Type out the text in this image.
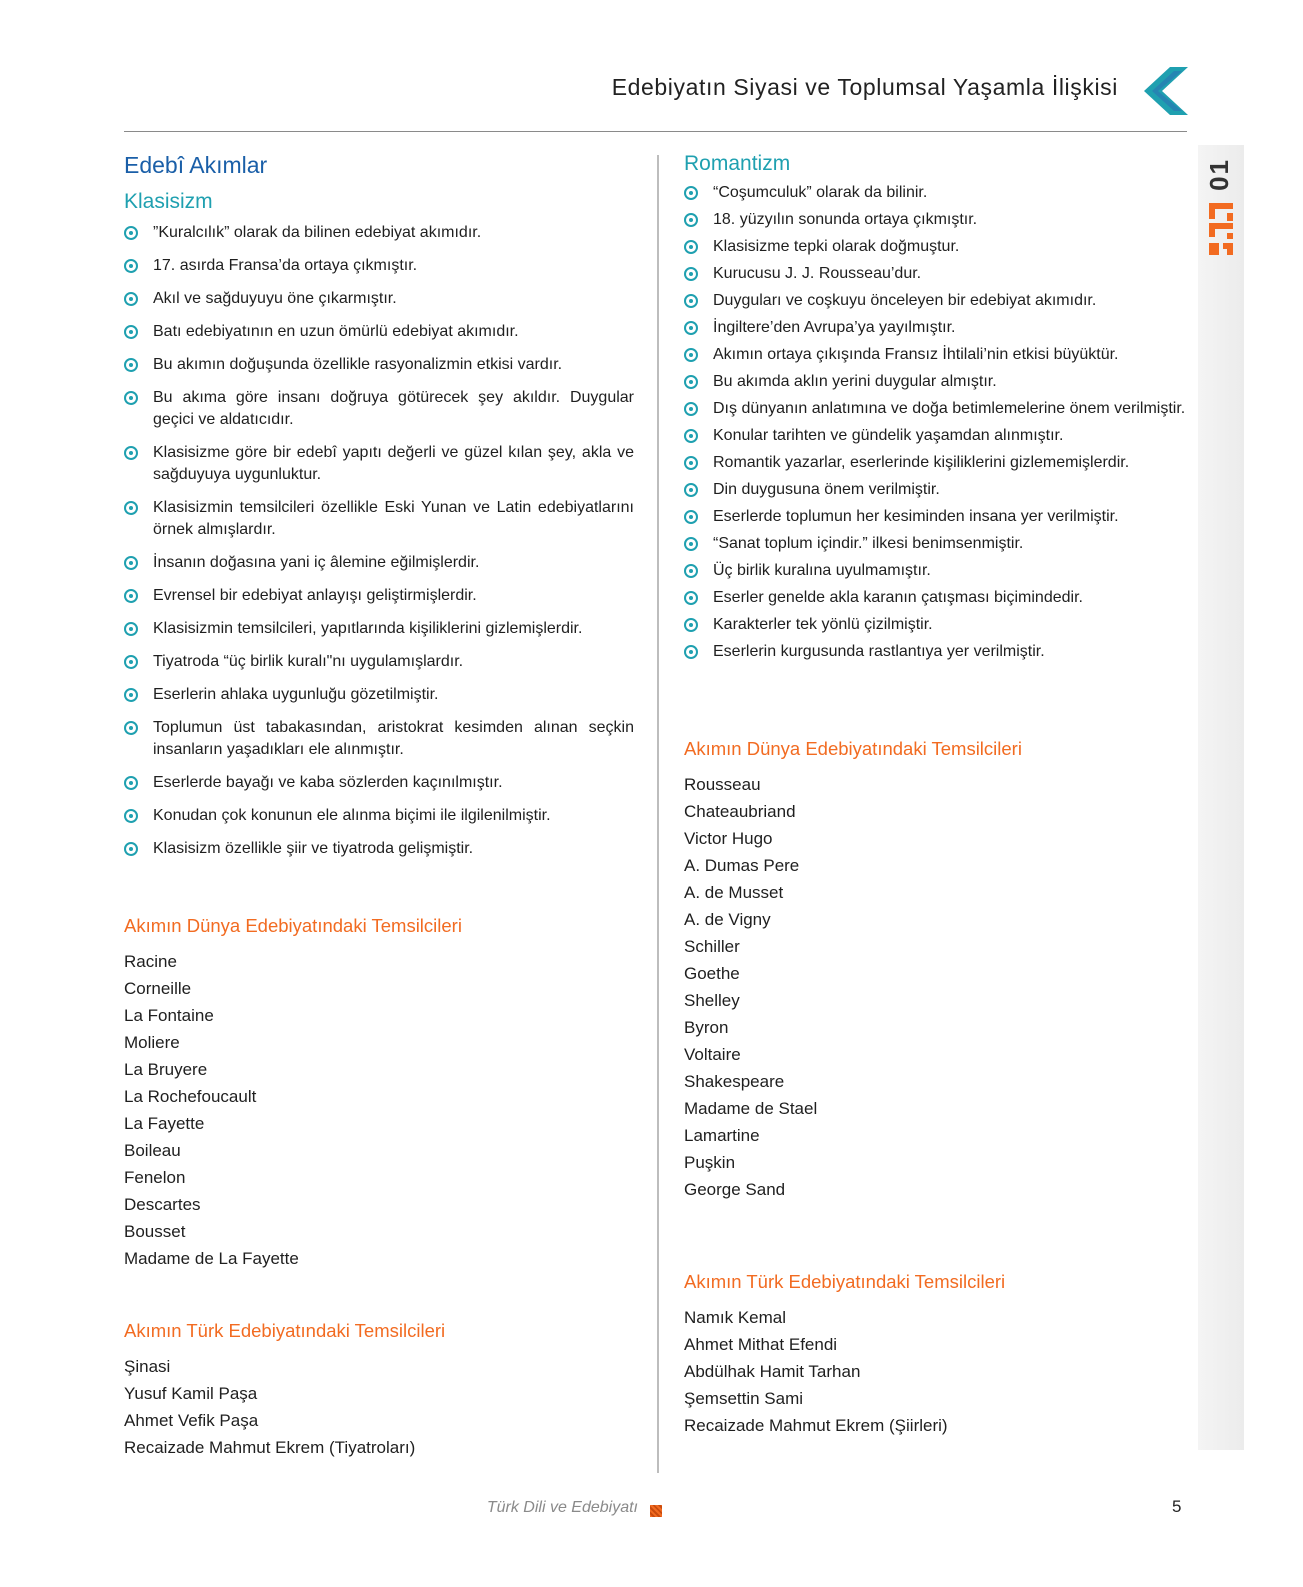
Edebiyatın Siyasi ve Toplumsal Yaşamla İlişkisi
01
Edebî Akımlar
Klasisizm
”Kuralcılık” olarak da bilinen edebiyat akımıdır.
17. asırda Fransa’da ortaya çıkmıştır.
Akıl ve sağduyuyu öne çıkarmıştır.
Batı edebiyatının en uzun ömürlü edebiyat akımıdır.
Bu akımın doğuşunda özellikle rasyonalizmin etkisi vardır.
Bu akıma göre insanı doğruya götürecek şey akıldır. Duygular geçici ve aldatıcıdır.
Klasisizme göre bir edebî yapıtı değerli ve güzel kılan şey, akla ve sağduyuya uygunluktur.
Klasisizmin temsilcileri özellikle Eski Yunan ve Latin edebiyatlarını örnek almışlardır.
İnsanın doğasına yani iç âlemine eğilmişlerdir.
Evrensel bir edebiyat anlayışı geliştirmişlerdir.
Klasisizmin temsilcileri, yapıtlarında kişiliklerini gizlemişlerdir.
Tiyatroda “üç birlik kuralı"nı uygulamışlardır.
Eserlerin ahlaka uygunluğu gözetilmiştir.
Toplumun üst tabakasından, aristokrat kesimden alınan seçkin insanların yaşadıkları ele alınmıştır.
Eserlerde bayağı ve kaba sözlerden kaçınılmıştır.
Konudan çok konunun ele alınma biçimi ile ilgilenilmiştir.
Klasisizm özellikle şiir ve tiyatroda gelişmiştir.
Akımın Dünya Edebiyatındaki Temsilcileri
Racine
Corneille
La Fontaine
Moliere
La Bruyere
La Rochefoucault
La Fayette
Boileau
Fenelon
Descartes
Bousset
Madame de La Fayette
Akımın Türk Edebiyatındaki Temsilcileri
Şinasi
Yusuf Kamil Paşa
Ahmet Vefik Paşa
Recaizade Mahmut Ekrem (Tiyatroları)
Romantizm
“Coşumculuk” olarak da bilinir.
18. yüzyılın sonunda ortaya çıkmıştır.
Klasisizme tepki olarak doğmuştur.
Kurucusu J. J. Rousseau’dur.
Duyguları ve coşkuyu önceleyen bir edebiyat akımıdır.
İngiltere’den Avrupa’ya yayılmıştır.
Akımın ortaya çıkışında Fransız İhtilali’nin etkisi büyüktür.
Bu akımda aklın yerini duygular almıştır.
Dış dünyanın anlatımına ve doğa betimlemelerine önem verilmiştir.
Konular tarihten ve gündelik yaşamdan alınmıştır.
Romantik yazarlar, eserlerinde kişiliklerini gizlememişlerdir.
Din duygusuna önem verilmiştir.
Eserlerde toplumun her kesiminden insana yer verilmiştir.
“Sanat toplum içindir.” ilkesi benimsenmiştir.
Üç birlik kuralına uyulmamıştır.
Eserler genelde akla karanın çatışması biçimindedir.
Karakterler tek yönlü çizilmiştir.
Eserlerin kurgusunda rastlantıya yer verilmiştir.
Akımın Dünya Edebiyatındaki Temsilcileri
Rousseau
Chateaubriand
Victor Hugo
A. Dumas Pere
A. de Musset
A. de Vigny
Schiller
Goethe
Shelley
Byron
Voltaire
Shakespeare
Madame de Stael
Lamartine
Puşkin
George Sand
Akımın Türk Edebiyatındaki Temsilcileri
Namık Kemal
Ahmet Mithat Efendi
Abdülhak Hamit Tarhan
Şemsettin Sami
Recaizade Mahmut Ekrem (Şiirleri)
Türk Dili ve Edebiyatı	5
